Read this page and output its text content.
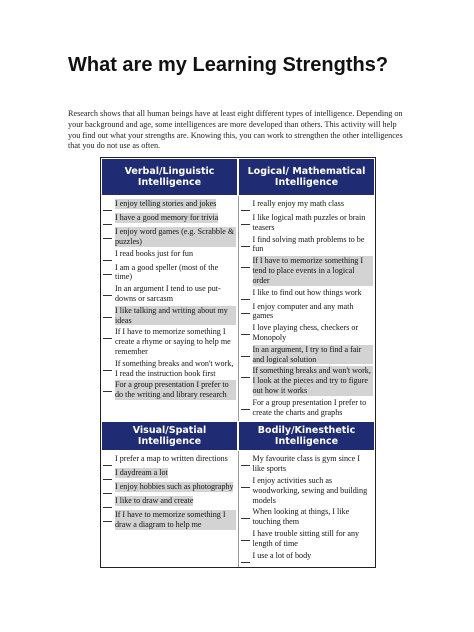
What are my Learning Strengths?

Research shows that all human beings have at least eight different types of intelligence. Depending on your background and age, some intelligences are more developed than others. This activity will help you find out what your strengths are. Knowing this, you can work to strengthen the other intelligences that you do not use as often.

Verbal/Linguistic Intelligence
Logical/ Mathematical Intelligence
I enjoy telling stories and jokes
I have a good memory for trivia
I enjoy word games (e.g. Scrabble & puzzles)
I read books just for fun
I am a good speller (most of the time)
In an argument I tend to use put-downs or sarcasm
I like talking and writing about my ideas
If I have to memorize something I create a rhyme or saying to help me remember
If something breaks and won't work, I read the instruction book first
For a group presentation I prefer to do the writing and library research
I really enjoy my math class
I like logical math puzzles or brain teasers
I find solving math problems to be fun
If I have to memorize something I tend to place events in a logical order
I like to find out how things work
I enjoy computer and any math games
I love playing chess, checkers or Monopoly
In an argument, I try to find a fair and logical solution
If something breaks and won't work, I look at the pieces and try to figure out how it works
For a group presentation I prefer to create the charts and graphs
Visual/Spatial Intelligence
Bodily/Kinesthetic Intelligence
I prefer a map to written directions
I daydream a lot
I enjoy hobbies such as photography
I like to draw and create
If I have to memorize something I draw a diagram to help me
My favourite class is gym since I like sports
I enjoy activities such as woodworking, sewing and building models
When looking at things, I like touching them
I have trouble sitting still for any length of time
I use a lot of body
